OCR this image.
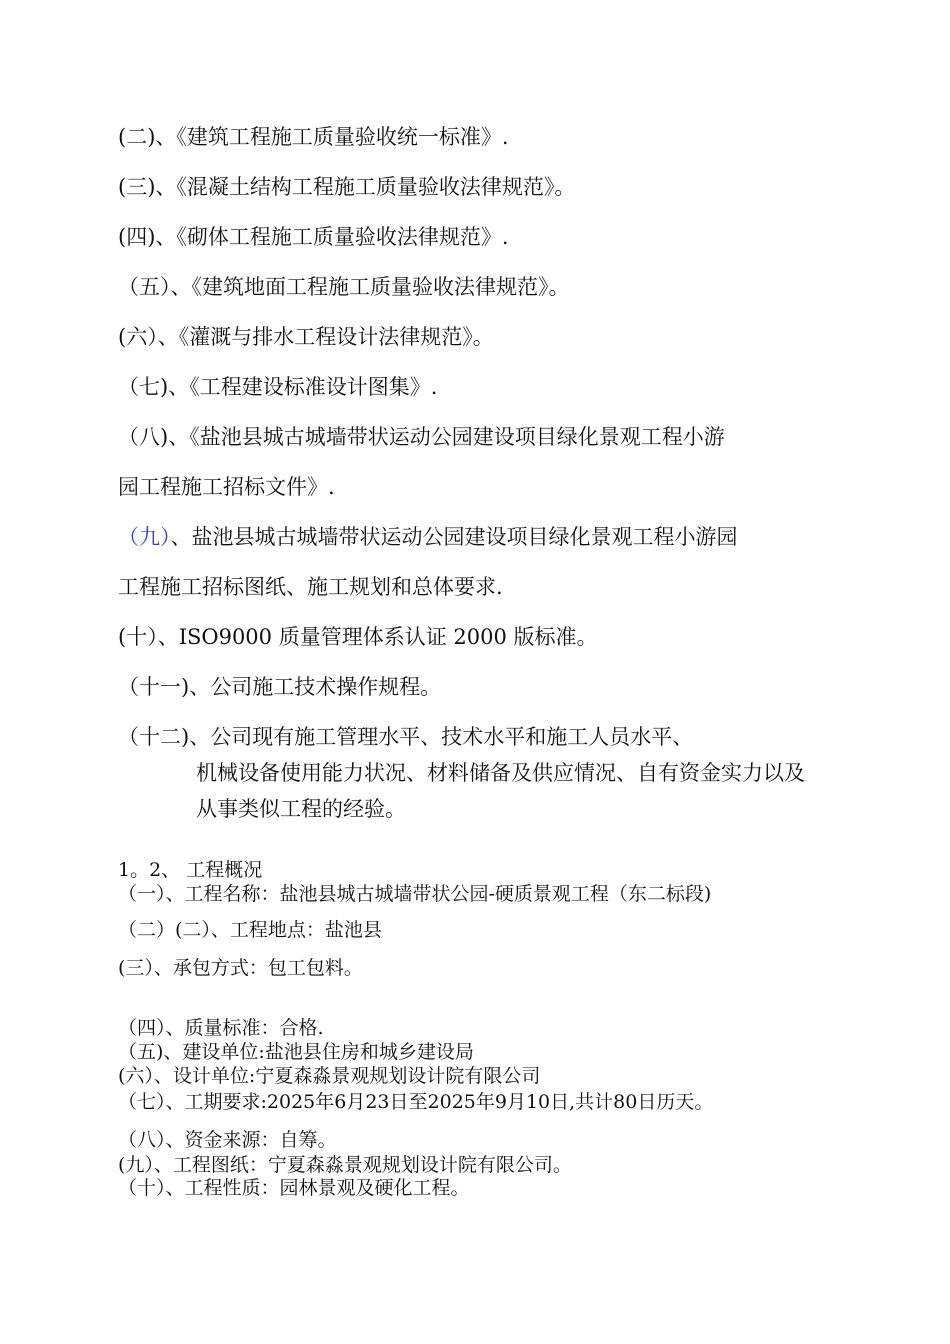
(二)、《建筑工程施工质量验收统一标准》.
(三)、《混凝土结构工程施工质量验收法律规范》。
(四)、《砌体工程施工质量验收法律规范》.
（五）、《建筑地面工程施工质量验收法律规范》。
(六）、《灌溉与排水工程设计法律规范》。
（七)、《工程建设标准设计图集》.
（八)、《盐池县城古城墙带状运动公园建设项目绿化景观工程小游
园工程施工招标文件》.
（九）、盐池县城古城墙带状运动公园建设项目绿化景观工程小游园
工程施工招标图纸、施工规划和总体要求.
(十）、ISO9000 质量管理体系认证 2000 版标准。
（十一)、公司施工技术操作规程。
（十二)、公司现有施工管理水平、技术水平和施工人员水平、
机械设备使用能力状况、材料储备及供应情况、自有资金实力以及
从事类似工程的经验。
1。2、 工程概况
（一）、工程名称：盐池县城古城墙带状公园-硬质景观工程（东二标段)
（二）(二）、工程地点：盐池县
(三）、承包方式：包工包料。
（四）、质量标准：合格.
（五)、建设单位:盐池县住房和城乡建设局
(六）、设计单位:宁夏森淼景观规划设计院有限公司
（七）、工期要求:2025年6月23日至2025年9月10日,共计80日历天。
（八）、资金来源：自筹。
(九）、工程图纸：宁夏森淼景观规划设计院有限公司。
（十）、工程性质：园林景观及硬化工程。
